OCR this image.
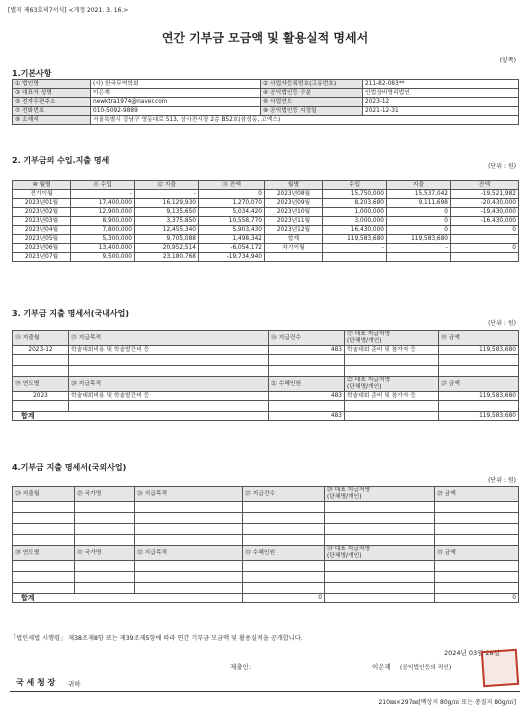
[별지 제63호의7서식] <개정 2021. 3. 16.>
연간 기부금 모금액 및 활용실적 명세서
(앞쪽)
1.기본사항
① 법인명	(사) 한국무역학회	② 사업자등록번호(고유번호)	211-82-083**
③ 대표자 성명	이은재	④ 공익법인등 구분	인법상비영리법인
⑤ 전자우편주소	newktra1974@naver.com	⑥ 사업연도	2023-12
⑦ 전화번호	010-5092-9889	⑧ 공익법인등 지정일	2021-12-31
⑨ 소재지	서울특별시 강남구 영동대로 513, 상사전시장 2층 B52호(삼성동, 코엑스)
2. 기부금의 수입.지출 명세
(단위 : 원)
⑩ 월별	⑪ 수입	⑫ 지출	⑬ 잔액	월별	수입	지출	잔액
전기이월	-	-	0	2023년08월	15,750,000	15,537,042	-19,521,982
2023년01월	17,400,000	16,129,930	1,270,070	2023년09월	8,203,680	9,111,698	-20,430,000
2023년02월	12,900,000	9,135,650	5,034,420	2023년10월	1,000,000	0	-19,430,000
2023년03월	8,900,000	3,375,850	10,558,770	2023년11월	3,000,000	0	-16,430,000
2023년04월	7,800,000	12,455,340	5,903,430	2023년12월	16,430,000	0	0
2023년05월	5,300,000	9,705,088	1,498,342	합계	119,583,680	119,583,680	
2023년06월	13,400,000	20,952,514	-6,054,172	차기이월	-	-	0
2023년07월	9,500,000	23,180,768	-19,734,940				
3. 기부금 지출 명세서(국내사업)
(단위 : 원)
⑭ 지출월	⑮ 지급목적	⑯ 지급건수	⑰ 대표 지급처명
(단체명/개인)	⑱ 금액
2023-12	학술대회비용 및 학술발간비 등	483	학술대회 준비 및 참가자 등	119,583,680

⑲ 연도별	⑳ 지급목적	㉑ 수혜인원	㉒ 대표 지급처명
(단체명/개인)	㉓ 금액
2023	학술대회비용 및 학술발간비 등	483	학술대회 준비 및 참가자 등	119,583,680

합계	483		119,583,680
4.기부금 지출 명세서(국외사업)
(단위 : 원)
㉔ 지출월	㉕ 국가명	㉖ 지급목적	㉗ 지급건수	㉘ 대표 지급처명
(단체명/개인)	㉙ 금액

㉚ 연도별	㉛ 국가명	㉜ 지급목적	㉝ 수혜인원	㉞ 대표 지급처명
(단체명/개인)	㉟ 금액

합계	0		0
「법인세법 시행령」 제38조제8항 또는 제39조제5항에 따라 연간 기부금 모금액 및 활용실적을 공개합니다.
2024년 03월 28일
제출인:	이은재 (공익법인등의 직인)
국 세 청 장 귀하
210㎜×297㎜[백상지 80g/㎡ 또는 중질지 80g/㎡]
